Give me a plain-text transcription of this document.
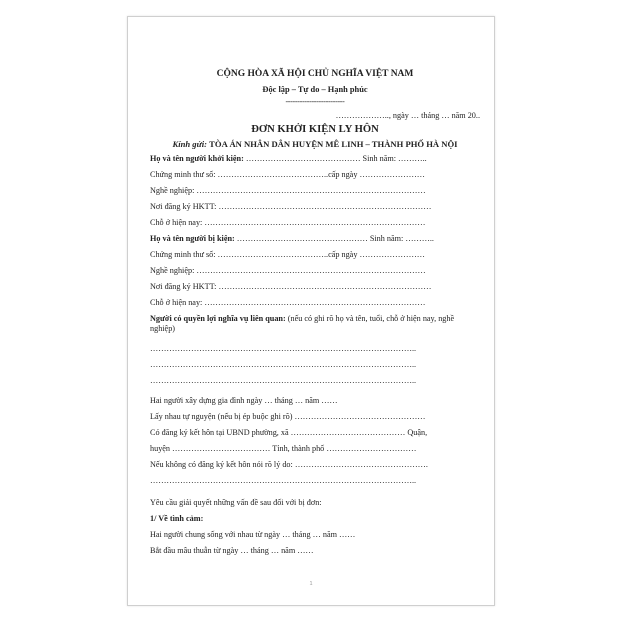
CỘNG HÒA XÃ HỘI CHỦ NGHĨA VIỆT NAM
Độc lập – Tự do – Hạnh phúc
-------------------------
……………….., ngày … tháng … năm 20..
ĐƠN KHỞI KIỆN LY HÔN
Kính gửi: TÒA ÁN NHÂN DÂN HUYỆN MÊ LINH – THÀNH PHỐ HÀ NỘI
Họ và tên người khởi kiện: …………………………………… Sinh năm: ………..
Chứng minh thư số: …………………………………..cấp ngày ……………………
Nghề nghiệp: …………………………………………………………………………
Nơi đăng ký HKTT: ……………………………………………………………………
Chỗ ở hiện nay: ………………………………………………………………………
Họ và tên người bị kiện: ………………………………………… Sinh năm: ………..
Chứng minh thư số: …………………………………..cấp ngày ……………………
Nghề nghiệp: …………………………………………………………………………
Nơi đăng ký HKTT: ……………………………………………………………………
Chỗ ở hiện nay: ………………………………………………………………………
Người có quyền lợi nghĩa vụ liên quan: (nếu có ghi rõ họ và tên, tuổi, chỗ ở hiện nay, nghề nghiệp)
……………………………………………………………………………………..
……………………………………………………………………………………..
……………………………………………………………………………………..
Hai người xây dựng gia đình ngày … tháng … năm ……
Lấy nhau tự nguyện (nếu bị ép buộc ghi rõ) …………………………………………
Có đăng ký kết hôn tại UBND phường, xã …………………………………… Quận,
huyện ……………………………… Tỉnh, thành phố ……………………………
Nếu không có đăng ký kết hôn nói rõ lý do: ………………………………………….
……………………………………………………………………………………..
Yêu cầu giải quyết những vấn đề sau đối với bị đơn:
1/ Về tình cảm:
Hai người chung sống với nhau từ ngày … tháng … năm ……
Bắt đầu mâu thuẫn từ ngày … tháng … năm ……
1
